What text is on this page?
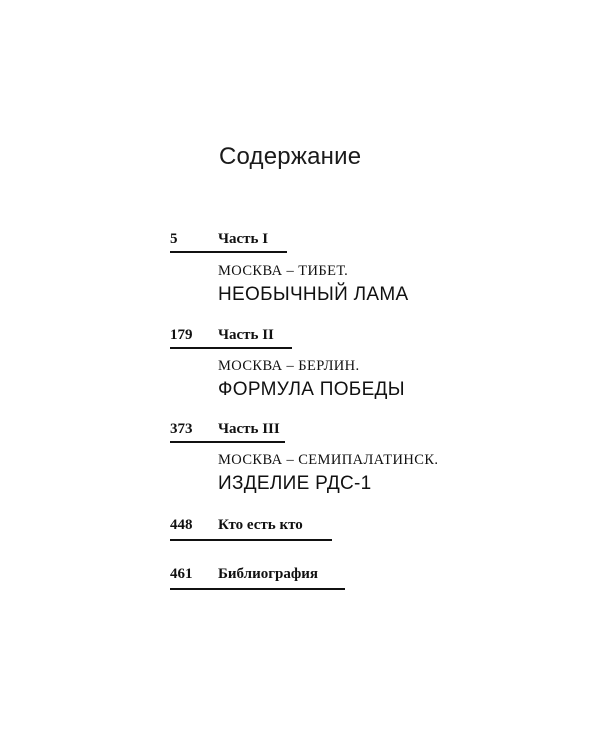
Содержание
5	Часть I
МОСКВА – ТИБЕТ.
НЕОБЫЧНЫЙ ЛАМА
179 Часть II
МОСКВА – БЕРЛИН.
ФОРМУЛА ПОБЕДЫ
373 Часть III
МОСКВА – СЕМИПАЛАТИНСК.
ИЗДЕЛИЕ РДС-1
448 Кто есть кто
461 Библиография
